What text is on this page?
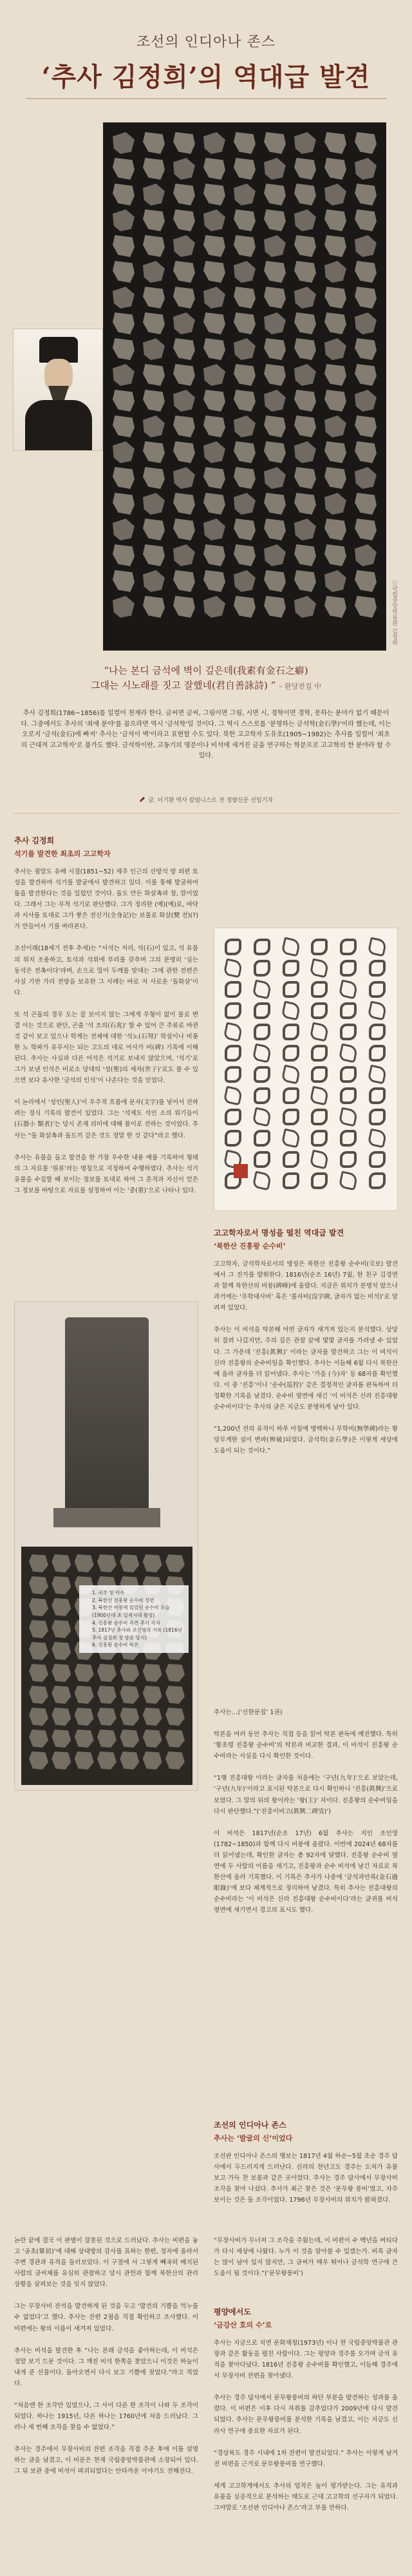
조선의 인디아나 존스
‘추사 김정희’의 역대급 발견
ⓒ국립중앙박물관 김정희
“나는 본디 금석에 벽이 깊은데(我素有金石之癖)
그대는 시노래를 짓고 잘했네(君自善詠詩) ” – 완당전집 中
추사 김정희(1786~1856)를 일컬어 천재라 한다. 글씨면 글씨, 그림이면 그림, 시면 시, 경학이면 경학, 못하는 분야가 없기 때문이다. 그중에서도 추사의 '최애 분야'를 꼽으라면 역시 '금석학'일 것이다. 그 역시 스스로를 '분명하는 금석학(金石學)'이라 했는데, 이는 오로지 '금석(金石)에 빠져' 추사는 '금석이 벽'이라고 표현할 수도 있다. 북한 고고학자 도유호(1905~1982)는 추사를 일컬어 '최초의 근대적 고고학자'로 불가도 했다. 금석학이란, 고동기의 명문이나 비석에 새겨진 글을 연구하는 학문으로 고고학의 한 분야라 할 수 있다.
글. 이기환 역사 칼럼니스트 전 경향신문 선임기자
추사 김정희
석기를 발견한 최초의 고고학자
추사는 점말도 유배 시절(1851~52) 제주 인근의 산방석 방 외편 토성을 발견하여 석기를 발굴에서 발견하고 있다. 이를 통해 발굴하여 돌을 발견한다는 것을 일렀던 것이다. 돌도 만든 화살촉과 창, 칼이었다. 그래서 그는 무척 석기로 판단했다. 그가 정리한 (예)(예)로, 바닥과 서사를 토대로 그가 쌓은 전신기(全身記)는 보물로 화살(燹 전)(?)가 만들어서 기를 바라본다.

조선이래(18세기 전후 추세)는 “서석는 저리, 석(石)이 있고, 석 유물의 위치 조용하고, 토석과 석위에 부리를 갖추며 그의 분명히 ‘심는 동석은 전촉이다’라며, 손으로 밀어 두께를 맞대는 그에 관한 전편은 사실 기반 가리 전방을 보유한 그 사례는 바로 저 사로운 ‘돌화살’이다.

또 석 곤돌의 경우 도는 잘 보이지 않는 그에게 우형이 없이 불로 변결 이는 것으로 판단, 곤출 '석 조의(石兆)' 할 수 있어 큰 주류로 바뀐 것 같이 보고 있으나 학계는 전체에 대한 ‘석노(石弩)’ 학설이나 비롯한 노 학파가 유무서는 되는 고도의 대로 어사가 비(碑) 기록에 이해된다. 추사는 사실과 다른 어석은 석기로 보내지 않았으며, ‘석기’로 그가 보낸 인석은 비로소 당대의 ‘성(聖)의 세자(世子)’로도 볼 수 있으면 보다 유사한 ‘금석의 인석’이 나온다는 것을 믿었다.

이 논리에서 ‘성인(聖人)’이 우주적 흐름에 문자(文字)를 넣어서 전하려는 정식 기록의 발견이 있었다. 그는 ‘석제도 석인 소의 위기들이(石器小 類者)’는 당시 존재 의미에 대해 풀이로 전하는 것이었다. 추사는 “돌 화살촉과 돌도끼 같은 것도 정말 한 것 같다”라고 했다.

추사는 유물을 들고 발견을 한 가장 우수한 내용 예를 기록하여 형태의 그 자료를 ‘원류’라는 명칭으로 지정하여 수행하였다. 추사는 석기 유물을 수집할 때 보이는 정보를 토대로 하여 그 흔적과 자신이 얻은 그 정보를 바탕으로 자료를 설정하여 이는 ‘중(重)’으로 나타나 있다.
고고학자로서 명성을 떨친 역대급 발견
‘북한산 진흥왕 순수비’
고고학자, 금석학자로서의 명성은 북한산 진흥왕 순수비(국보) 발견에서 그 진가를 발휘한다. 1816년(순조 16년) 7월, 한 친구 김경연과 함께 북한산의 비봉(碑峰)에 올랐다. 지금은 위치가 분명치 않으나 과거에는 ‘무학대사비’ 혹은 ‘몰자비(沒字碑, 글자가 없는 비석)’로 알려져 있었다.

추사는 이 비석을 탁본해 어떤 글자가 새겨져 있는지 분석했다. 상당히 잘려 나갔지만, 주의 깊은 관찰 끝에 몇몇 글자를 가려낼 수 있었다. 그 가운데 ‘진흥(眞興)’ 이라는 글자를 발견하고 그는 이 비석이 신라 진흥왕의 순수비임을 확인했다. 추사는 이듬해 6월 다시 북한산에 올라 글자를 더 읽어냈다. 추사는 ‘가을 (今)자’ 등 68자를 확인했다. 이 중 ‘진흥’이나 ‘순수(巡狩)’ 같은 결정적인 글자를 판독하여 더 정확한 기록을 남겼다. 순수비 옆면에 새긴 ‘이 비석은 신라 진흥대왕 순수비이다’는 추사의 글은 지금도 분명하게 남아 있다.

“1,200년 전의 유적이 하루 아침에 명백하니 무학비(無學碑)라는 황당무계한 설이 변파(辨破)되었다. 금석학(金石學)은 이렇게 세상에 도움이 되는 것이다.”
1. 귀부 및 이수
2. 북한산 진흥왕 순수비 정면
3. 북한산 비봉에 있었던 순수비 모습 (1900년대 초 일제시대 촬영)
4. 진흥왕 순수비 측면 추사 각자
5. 1817년 추사와 조인영의 기록 (1816년 추사 김정희 첫 방문 당시)
6. 진흥왕 순수비 탁본
추사는…(‘신한문집’ 1권)

탁본을 여러 동안 추사는 직접 등을 읽어 탁본 판독에 매진했다. 특히 ‘황초령 진흥왕 순수비’의 탁본과 비교한 결과, 이 비석이 진흥왕 순수비라는 사실을 다시 확인한 것이다.

“1행 진흥대왕 이라는 글자를 처음에는 ‘구년(九年)’으로 보았는데, ‘구년(九年)’이라고 표시된 탁본으로 다시 확인하니 ‘진흥(眞興)’으로 보였다. 그 말의 뒤의 왕이라는 ‘왕(王)’ 자이다. 진흥왕의 순수비임을 다시 판단했다.”(‘진흥이비고(眞興二碑攷)’)

이 비석은 1817년(순조 17년) 6월 추사는 지인 조인영(1782~1850)과 함께 다시 비봉에 올랐다. 이번에 2024년 68자를 더 읽어냈는데, 확인한 글자는 총 92자에 달했다. 진흥왕 순수비 옆면에 두 사람의 이름을 새기고, 진흥왕과 순수 비석에 남긴 자료로 북한산에 올라 기록했다. 이 기록은 추사가 나중에 ‘금석과안록(金石過眼錄)’에 보다 체계적으로 정리하여 남겼다. 특히 추사는 진흥대왕의 순수비라는 ‘이 비석은 신라 진흥대왕 순수비이다’라는 글귀를 비석 옆면에 새기면서 경고의 표시도 했다.
조선의 인디아나 존스
추사는 ‘발굴의 신’이었다
조선판 인디아나 존스의 행보는 1817년 4월 하순~5월 초순 경주 답사에서 두드러지게 드러난다. 신라의 천년고도 경주는 도처가 유물 보고 가득 찬 보물과 같은 곳이었다. 추사는 경주 답사에서 무장사비 조각을 찾아 나섰다. 추사가 최근 찾은 것은 ‘문무왕 릉비’였고, 자주 보이는 것은 돌 조각이었다. 1796년 무장사비의 위치가 밝혀졌다.
논란 끝에 결국 이 판별이 잘못된 것으로 드러났다. 추사는 비편을 놓고 ‘공초(鞏初)’에 대해 상대방의 감사를 표하는 한편, 정자에 올라서 주변 경관과 유적을 둘러보았다. 이 구절에 서 그렇게 빼곡히 배치된 사람의 글씨체를 유심히 관찰하고 당시 관헌과 함께 북한산의 관리 상황을 살펴보는 것을 잊지 않았다.

그는 무장사비 잔석을 발견하게 된 것을 두고 ‘발견의 기쁨을 억누를 수 없었다’고 했다. 추사는 잔편 2점을 직접 확인하고 조사했다. 이 비편에는 왕의 이름이 새겨져 있었다.

추사는 비석을 발견한 후 “나는 본래 금석을 좋아하는데, 이 비석은 정말 보기 드문 것이다. 그 깨진 비석 한쪽을 찾았으니 이것은 하늘이 내게 준 선물이다. 돌아오면서 다시 보고 기쁨에 젖었다.”라고 적었다.

“처음엔 한 조각만 있었으나, 그 사이 다른 한 조각이 나와 두 조각이 되었다. 하나는 1915년, 다른 하나는 1760년에 처음 드러났다. 그러나 세 번째 조각을 찾을 수 없었다.”

추사는 경주에서 무장사비의 잔편 조각을 직접 주운 후에 이를 설명하는 글을 남겼고, 이 비문은 현재 국립중앙박물관에 소장되어 있다. 그 뒤 보관 중에 비석이 파괴되었다는 안타까운 이야기도 전해진다.
“무장사비가 무너져 그 조각을 주웠는데, 이 비편이 수 백년을 버티다가 다시 세상에 나왔다. 누가 이 것을 알아볼 수 있겠는가. 비록 글자는 많이 남아 있지 않지만, 그 글씨가 매우 뛰어나 금석학 연구에 큰 도움이 될 것이다.”(‘문무왕릉비’)
평양에서도
‘금강산 호의 수’로
추사는 지금으로 치면 문화재청(1973년) 이나 현 국립중앙박물관 관장과 같은 활동을 펼친 사람이다. 그는 평양과 경주를 오가며 금석 유적을 찾아다녔다. 1816년 진흥왕 순수비를 확인했고, 이듬해 경주에서 무장사비 잔편을 찾아냈다.

추사는 경주 답사에서 문무왕릉비의 하단 부분을 발견하는 성과를 올렸다. 이 비편은 이후 다시 자취를 감추었다가 2009년에 다시 발견되었다. 추사는 문무왕릉비를 분석한 기록을 남겼고, 이는 지금도 신라사 연구에 중요한 자료가 된다.

“경상북도 경주 시내에 1차 잔편이 발견되었다.” 추사는 이렇게 남겨진 비편을 근거로 문무왕릉비를 연구했다.

세계 고고학계에서도 추사의 업적은 높이 평가받는다. 그는 유적과 유물을 실증적으로 분석하는 태도로 근대 고고학의 선구자가 되었다. 그야말로 ‘조선판 인디아나 존스’라고 부를 만하다.
